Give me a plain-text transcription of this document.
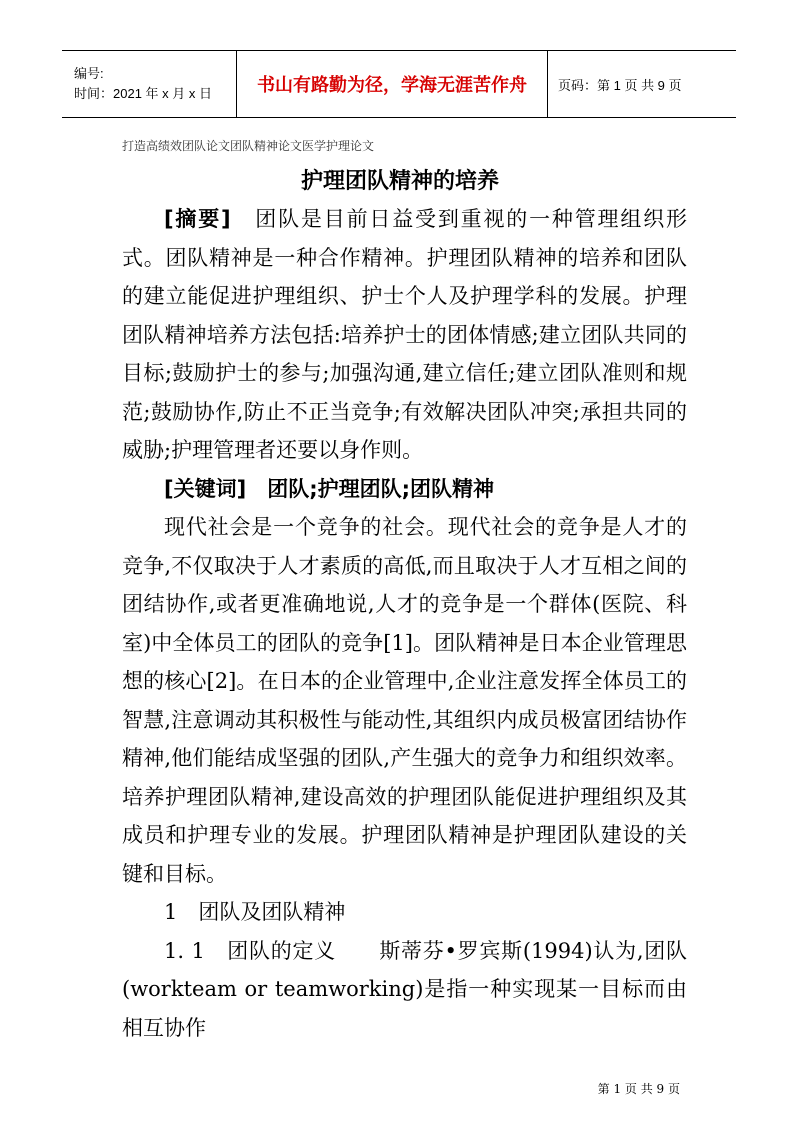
编号:
时间：2021 年 x 月 x 日	书山有路勤为径，学海无涯苦作舟 页码：第 1 页 共 9 页
打造高绩效团队论文团队精神论文医学护理论文
护理团队精神的培养

[摘要]　 团队是目前日益受到重视的一种管理组织形式。团队精神是一种合作精神。护理团队精神的培养和团队的建立能促进护理组织、护士个人及护理学科的发展。护理团队精神培养方法包括:培养护士的团体情感;建立团队共同的目标;鼓励护士的参与;加强沟通,建立信任;建立团队准则和规范;鼓励协作,防止不正当竞争;有效解决团队冲突;承担共同的威胁;护理管理者还要以身作则。

[关键词]　 团队;护理团队;团队精神

现代社会是一个竞争的社会。现代社会的竞争是人才的竞争,不仅取决于人才素质的高低,而且取决于人才互相之间的团结协作,或者更准确地说,人才的竞争是一个群体(医院、科室)中全体员工的团队的竞争[1]。团队精神是日本企业管理思想的核心[2]。在日本的企业管理中,企业注意发挥全体员工的智慧,注意调动其积极性与能动性,其组织内成员极富团结协作精神,他们能结成坚强的团队,产生强大的竞争力和组织效率。培养护理团队精神,建设高效的护理团队能促进护理组织及其成员和护理专业的发展。护理团队精神是护理团队建设的关键和目标。

1　团队及团队精神

1. 1　团队的定义　　 斯蒂芬•罗宾斯(1994)认为,团队(workteam or teamworking)是指一种实现某一目标而由相互协作

第 1 页 共 9 页
